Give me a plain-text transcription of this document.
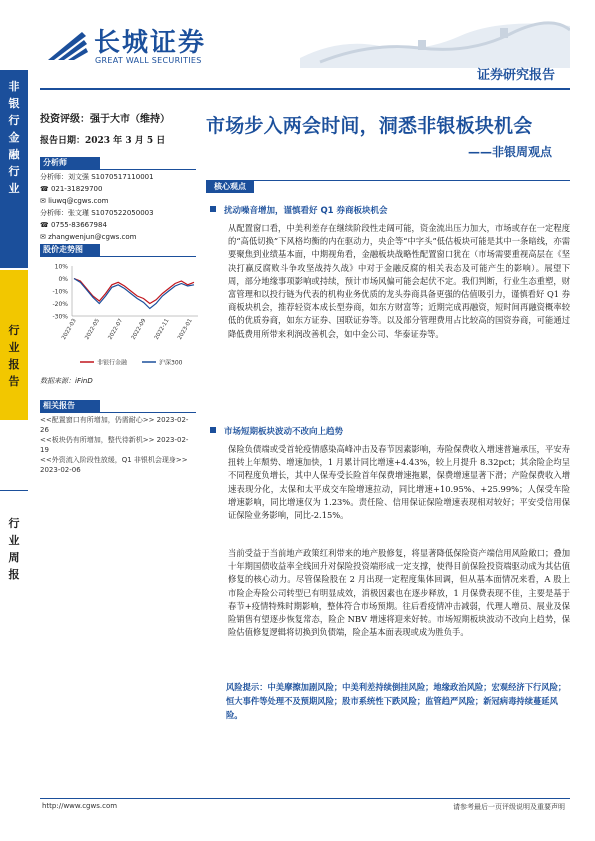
非
银
行
金
融
行
业
行
业
报
告
行
业
周
报
长城证券
GREAT WALL SECURITIES
证券研究报告
投资评级：强于大市（维持）
报告日期：2023 年 3 月 5 日
分析师
分析师：刘文强 S1070517110001
☎ 021-31829700
✉ liuwq@cgws.com
分析师：张文瑾 S1070522050003
☎ 0755-83667984
✉ zhangwenjun@cgws.com
股价走势图
10%
0%
-10%
-20%
-30%
2022-03 2022-05 2022-07 2022-09 2022-11 2023-01
非银行金融	沪深300
数据来源：iFinD
相关报告
<<配置窗口有所增加，仍需耐心>> 2023-02-26
<<板块仍有所增加，整代待新机>> 2023-02-19
<<外资流入阶段性放缓，Q1 非银机会现身>> 2023-02-06
市场步入两会时间，洞悉非银板块机会
——非银周观点
核心观点
扰动噪音增加，谨慎看好 Q1 券商板块机会
从配置窗口看，中美利差存在继续阶段性走阔可能，资金流出压力加大，市场或存在一定程度的“高低切换”下风格均衡的内在驱动力，央企等“中字头”低估板块可能是其中一条暗线，亦需要聚焦到业绩基本面，中期视角看，金融板块战略性配置窗口犹在（市场需要重视高层在《坚决打赢反腐败斗争攻坚战持久战》中对于金融反腐的相关表态及可能产生的影响）。展望下周，部分地缘事项影响或持续，预计市场风偏可能会起伏不定。我们判断，行业生态重塑，财富管理和以投行链为代表的机构业务优质的龙头券商具备更强的估值吸引力，谨慎看好 Q1 券商板块机会，推荐轻资本成长型券商，如东方财富等；近期完成再融资，短时间再融资概率较低的优质券商，如东方证券、国联证券等。以及部分管理费用占比较高的国资券商，可能通过降低费用所带来利润改善机会，如中金公司、华泰证券等。
市场短期板块波动不改向上趋势
保险负债端或受首轮疫情感染高峰冲击及春节因素影响，寿险保费收入增速普遍承压，平安寿扭转上年颓势、增速加快，1 月累计同比增速+4.43%，较上月提升 8.32pct；其余险企均呈不同程度负增长，其中人保寿受长险首年保费增速拖累，保费增速显著下滑；产险保费收入增速表现分化，太保和太平成交车险增速拉动，同比增速+10.95%、+25.99%；人保受车险增速影响，同比增速仅为 1.23%。责任险、信用保证保险增速表现相对较好；平安受信用保证保险业务影响，同比-2.15%。
当前受益于当前地产政策红利带来的地产股修复，将显著降低保险资产端信用风险敞口；叠加十年期国债收益率全线回升对保险投资端形成一定支撑，使得目前保险投资端驱动成为其估值修复的核心动力。尽管保险股在 2 月出现一定程度集体回调，但从基本面情况来看，A 股上市险企寿险公司转型已有明显成效，消极因素也在逐步释放，1 月保费表现不佳，主要是基于春节+疫情特殊时期影响，整体符合市场预期。往后看疫情冲击减弱，代理人增员、展业及保险销售有望逐步恢复常态，险企 NBV 增速将迎来好转。市场短期板块波动不改向上趋势，保险估值修复逻辑将切换到负债端，险企基本面表现或成为胜负手。
风险提示：中美摩擦加剧风险；中美利差持续倒挂风险；地缘政治风险；宏观经济下行风险；恒大事件等处理不及预期风险；股市系统性下跌风险；监管趋严风险；新冠病毒持续蔓延风险。
http://www.cgws.com	请参考最后一页评级说明及重要声明
